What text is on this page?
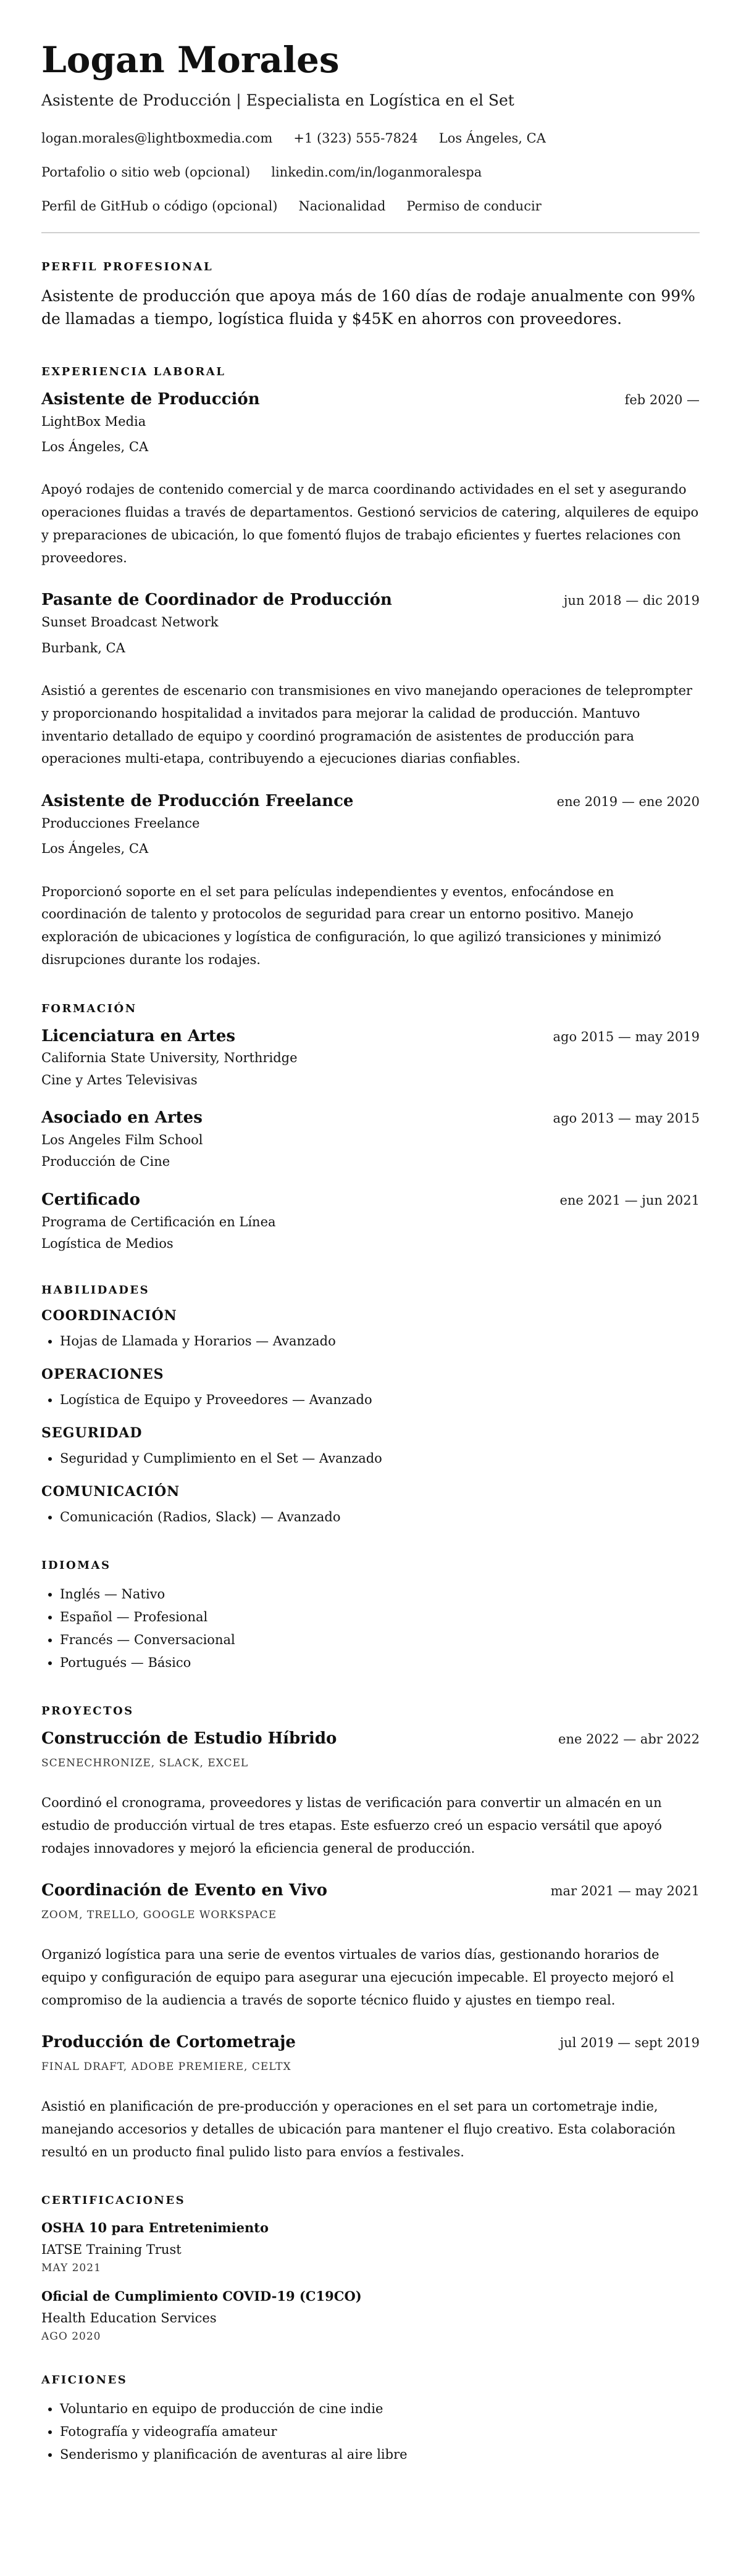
Logan Morales
Asistente de Producción | Especialista en Logística en el Set
logan.morales@lightboxmedia.com +1 (323) 555-7824 Los Ángeles, CA
Portafolio o sitio web (opcional) linkedin.com/in/loganmoralespa
Perfil de GitHub o código (opcional) Nacionalidad Permiso de conducir
PERFIL PROFESIONAL

Asistente de producción que apoya más de 160 días de rodaje anualmente con 99% de llamadas a tiempo, logística fluida y $45K en ahorros con proveedores.

EXPERIENCIA LABORAL
Asistente de Producción	feb 2020 —
LightBox Media
Los Ángeles, CA

Apoyó rodajes de contenido comercial y de marca coordinando actividades en el set y asegurando operaciones fluidas a través de departamentos. Gestionó servicios de catering, alquileres de equipo y preparaciones de ubicación, lo que fomentó flujos de trabajo eficientes y fuertes relaciones con proveedores.

Pasante de Coordinador de Producción	jun 2018 — dic 2019
Sunset Broadcast Network
Burbank, CA

Asistió a gerentes de escenario con transmisiones en vivo manejando operaciones de teleprompter y proporcionando hospitalidad a invitados para mejorar la calidad de producción. Mantuvo inventario detallado de equipo y coordinó programación de asistentes de producción para operaciones multi-etapa, contribuyendo a ejecuciones diarias confiables.

Asistente de Producción Freelance	ene 2019 — ene 2020
Producciones Freelance
Los Ángeles, CA

Proporcionó soporte en el set para películas independientes y eventos, enfocándose en coordinación de talento y protocolos de seguridad para crear un entorno positivo. Manejo exploración de ubicaciones y logística de configuración, lo que agilizó transiciones y minimizó disrupciones durante los rodajes.

FORMACIÓN
Licenciatura en Artes	ago 2015 — may 2019
California State University, Northridge
Cine y Artes Televisivas
Asociado en Artes	ago 2013 — may 2015
Los Angeles Film School
Producción de Cine
Certificado	ene 2021 — jun 2021
Programa de Certificación en Línea
Logística de Medios
HABILIDADES
COORDINACIÓN
• Hojas de Llamada y Horarios — Avanzado
OPERACIONES
• Logística de Equipo y Proveedores — Avanzado
SEGURIDAD
• Seguridad y Cumplimiento en el Set — Avanzado
COMUNICACIÓN
• Comunicación (Radios, Slack) — Avanzado
IDIOMAS
• Inglés — Nativo
• Español — Profesional
• Francés — Conversacional
• Portugués — Básico
PROYECTOS
Construcción de Estudio Híbrido	ene 2022 — abr 2022
SCENECHRONIZE, SLACK, EXCEL

Coordinó el cronograma, proveedores y listas de verificación para convertir un almacén en un estudio de producción virtual de tres etapas. Este esfuerzo creó un espacio versátil que apoyó rodajes innovadores y mejoró la eficiencia general de producción.

Coordinación de Evento en Vivo	mar 2021 — may 2021
ZOOM, TRELLO, GOOGLE WORKSPACE

Organizó logística para una serie de eventos virtuales de varios días, gestionando horarios de equipo y configuración de equipo para asegurar una ejecución impecable. El proyecto mejoró el compromiso de la audiencia a través de soporte técnico fluido y ajustes en tiempo real.

Producción de Cortometraje	jul 2019 — sept 2019
FINAL DRAFT, ADOBE PREMIERE, CELTX

Asistió en planificación de pre-producción y operaciones en el set para un cortometraje indie, manejando accesorios y detalles de ubicación para mantener el flujo creativo. Esta colaboración resultó en un producto final pulido listo para envíos a festivales.

CERTIFICACIONES
OSHA 10 para Entretenimiento
IATSE Training Trust
MAY 2021
Oficial de Cumplimiento COVID-19 (C19CO)
Health Education Services
AGO 2020
AFICIONES
• Voluntario en equipo de producción de cine indie
• Fotografía y videografía amateur
• Senderismo y planificación de aventuras al aire libre
